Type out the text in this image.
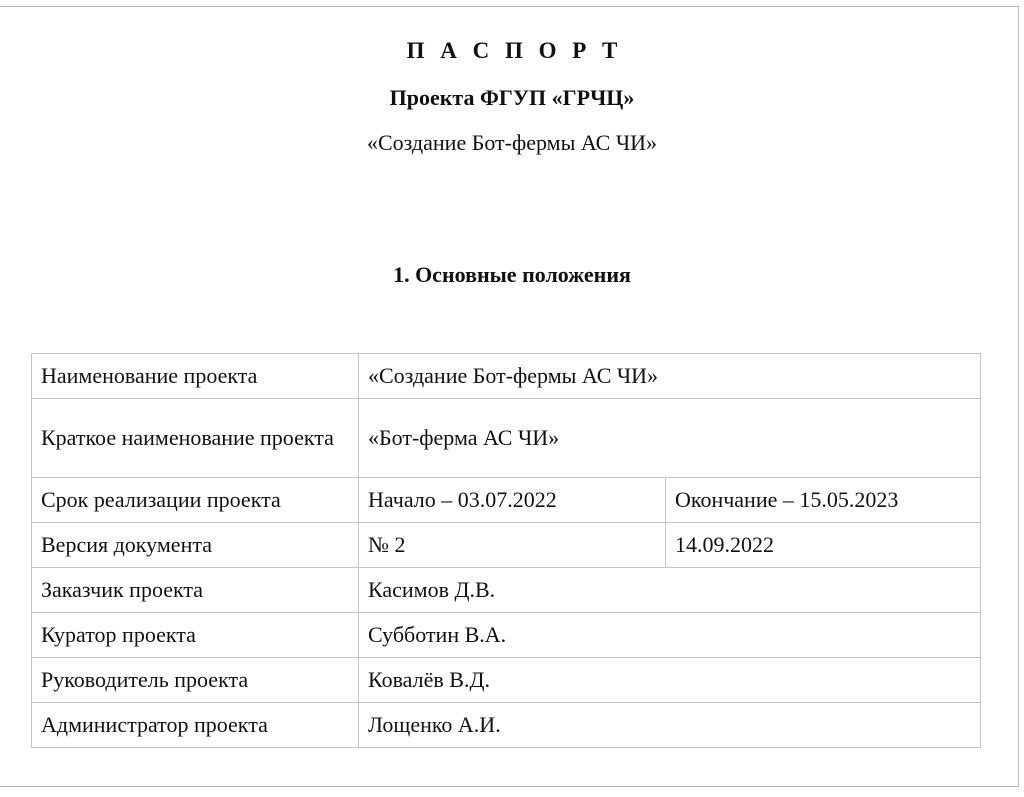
П А С П О Р Т
Проекта ФГУП «ГРЧЦ»
«Создание Бот-фермы АС ЧИ»
1. Основные положения
Наименование проекта	«Создание Бот-фермы АС ЧИ»	
Краткое наименование проекта	«Бот-ферма АС ЧИ»	
Срок реализации проекта	Начало – 03.07.2022	Окончание – 15.05.2023
Версия документа	№ 2	14.09.2022
Заказчик проекта	Касимов Д.В.	
Куратор проекта	Субботин В.А.	
Руководитель проекта	Ковалёв В.Д.	
Администратор проекта	Лощенко А.И.	
